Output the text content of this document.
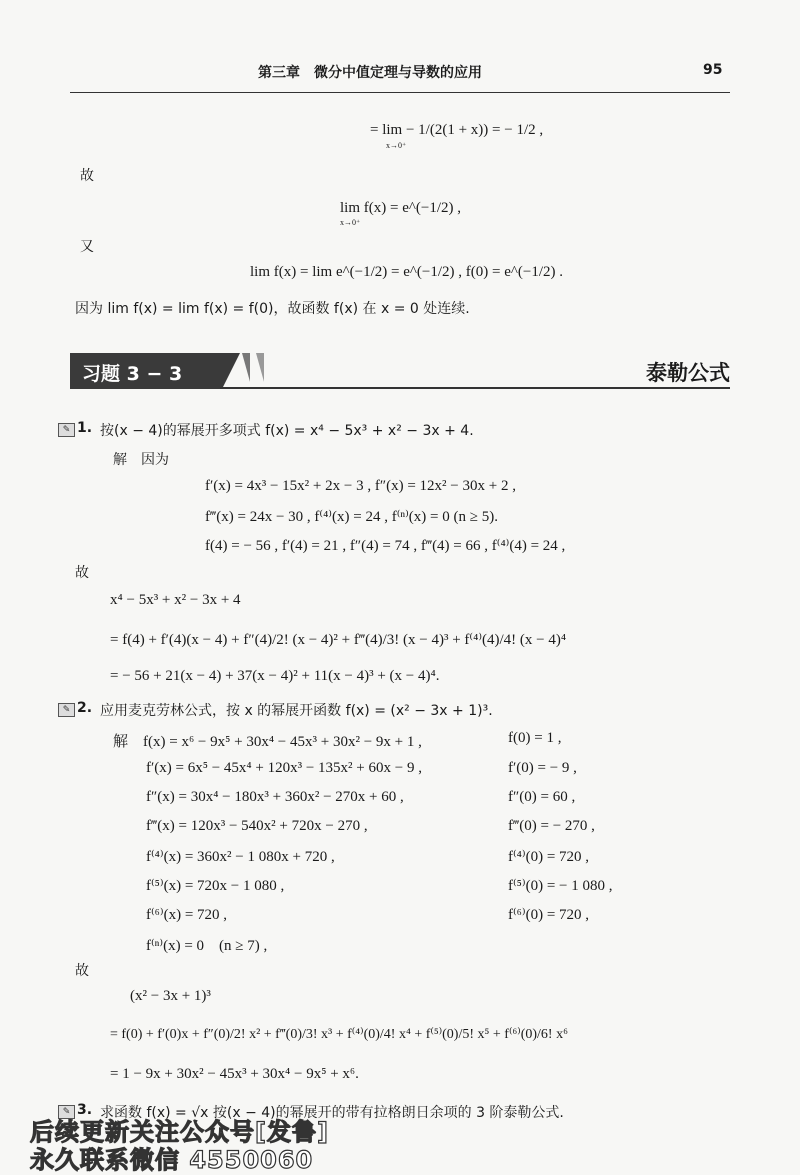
第三章　微分中值定理与导数的应用	95
= lim − 1/(2(1 + x)) = − 1/2 ,
x→0⁺
故
lim f(x) = e^(−1/2) ,
x→0⁺
又
lim f(x) = lim e^(−1/2) = e^(−1/2) , f(0) = e^(−1/2) .
因为 lim f(x) = lim f(x) = f(0)，故函数 f(x) 在 x = 0 处连续.
习题 3 − 3	泰勒公式
✎ 1. 按(x − 4)的幂展开多项式 f(x) = x⁴ − 5x³ + x² − 3x + 4.
解　因为
f′(x) = 4x³ − 15x² + 2x − 3 , f″(x) = 12x² − 30x + 2 ,
f‴(x) = 24x − 30 , f⁽⁴⁾(x) = 24 , f⁽ⁿ⁾(x) = 0 (n ≥ 5).
f(4) = − 56 , f′(4) = 21 , f″(4) = 74 , f‴(4) = 66 , f⁽⁴⁾(4) = 24 ,
故
x⁴ − 5x³ + x² − 3x + 4
= f(4) + f′(4)(x − 4) + f″(4)/2! (x − 4)² + f‴(4)/3! (x − 4)³ + f⁽⁴⁾(4)/4! (x − 4)⁴
= − 56 + 21(x − 4) + 37(x − 4)² + 11(x − 4)³ + (x − 4)⁴.
✎ 2. 应用麦克劳林公式，按 x 的幂展开函数 f(x) = (x² − 3x + 1)³.
解　f(x) = x⁶ − 9x⁵ + 30x⁴ − 45x³ + 30x² − 9x + 1 ,	f(0) = 1 ,
f′(x) = 6x⁵ − 45x⁴ + 120x³ − 135x² + 60x − 9 ,	f′(0) = − 9 ,
f″(x) = 30x⁴ − 180x³ + 360x² − 270x + 60 ,	f″(0) = 60 ,
f‴(x) = 120x³ − 540x² + 720x − 270 ,	f‴(0) = − 270 ,
f⁽⁴⁾(x) = 360x² − 1 080x + 720 ,	f⁽⁴⁾(0) = 720 ,
f⁽⁵⁾(x) = 720x − 1 080 ,	f⁽⁵⁾(0) = − 1 080 ,
f⁽⁶⁾(x) = 720 ,	f⁽⁶⁾(0) = 720 ,
f⁽ⁿ⁾(x) = 0　(n ≥ 7) ,
故
(x² − 3x + 1)³
= f(0) + f′(0)x + f″(0)/2! x² + f‴(0)/3! x³ + f⁽⁴⁾(0)/4! x⁴ + f⁽⁵⁾(0)/5! x⁵ + f⁽⁶⁾(0)/6! x⁶
= 1 − 9x + 30x² − 45x³ + 30x⁴ − 9x⁵ + x⁶.
✎ 3. 求函数 f(x) = √x 按(x − 4)的幂展开的带有拉格朗日余项的 3 阶泰勒公式.
后续更新关注公众号[发鲁]
永久联系微信 4550060
